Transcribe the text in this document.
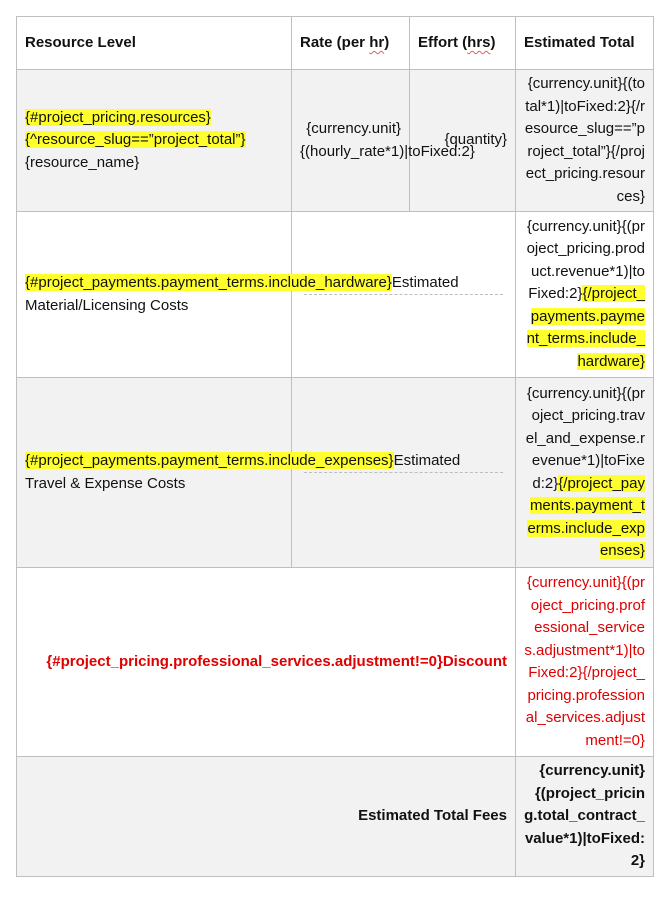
Resource Level	Rate (per hr)	Effort (hrs)	Estimated Total
{#project_pricing.resources}{^resource_slug==”project_total”}{resource_name}	{currency.unit}{(hourly_rate*1)|toFixed:2}	{quantity}	{currency.unit}{(total*1)|toFixed:2}{/resource_slug==”project_total”}{/project_pricing.resources}
{#project_payments.payment_terms.include_hardware}Estimated Material/Licensing Costs			{currency.unit}{(project_pricing.product.revenue*1)|toFixed:2}{/project_payments.payment_terms.include_hardware}
{#project_payments.payment_terms.include_expenses}Estimated Travel & Expense Costs			{currency.unit}{(project_pricing.travel_and_expense.revenue*1)|toFixed:2}{/project_payments.payment_terms.include_expenses}
{#project_pricing.professional_services.adjustment!=0}Discount			{currency.unit}{(project_pricing.professional_services.adjustment*1)|toFixed:2}{/project_pricing.professional_services.adjustment!=0}
Estimated Total Fees			{currency.unit}{(project_pricing.total_contract_value*1)|toFixed:2}
